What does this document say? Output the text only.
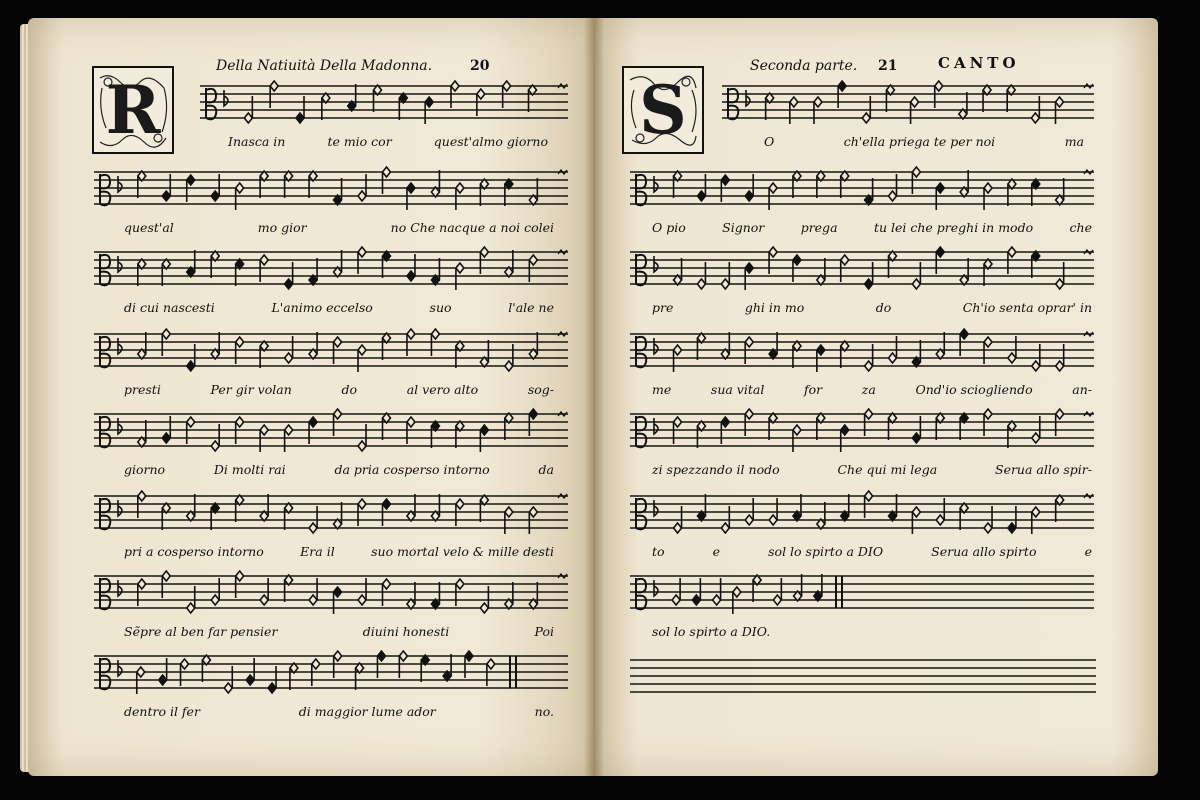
R
Della Natiuità Della Madonna.	20
Inasca in	te mio cor	quest'almo giorno
quest'al	mo gior	no Che nacque a noi colei
di cui nascesti	L'animo eccelso	suo	l'ale ne
presti	Per gir volan	do	al vero alto	sog-
giorno	Di molti rai	da pria cosperso intorno	da
pri a cosperso intorno	Era il	suo mortal velo & mille desti
Sẽpre al ben far pensier	diuini honesti	Poi
dentro il fer	di maggior lume ador	no.
S
Seconda parte. 21	CANTO
O	ch'ella priega te per noi	ma
O pio	Signor	prega	tu lei che preghi in modo	che
pre	ghi in mo	do	Ch'io senta oprar' in
me	sua vital	for	za	Ond'io sciogliendo	an-
zi spezzando il nodo	Che qui mi lega	Serua allo spir-
to	e	sol lo spirto a DIO	Serua allo spirto	e
sol lo spirto a DIO.
